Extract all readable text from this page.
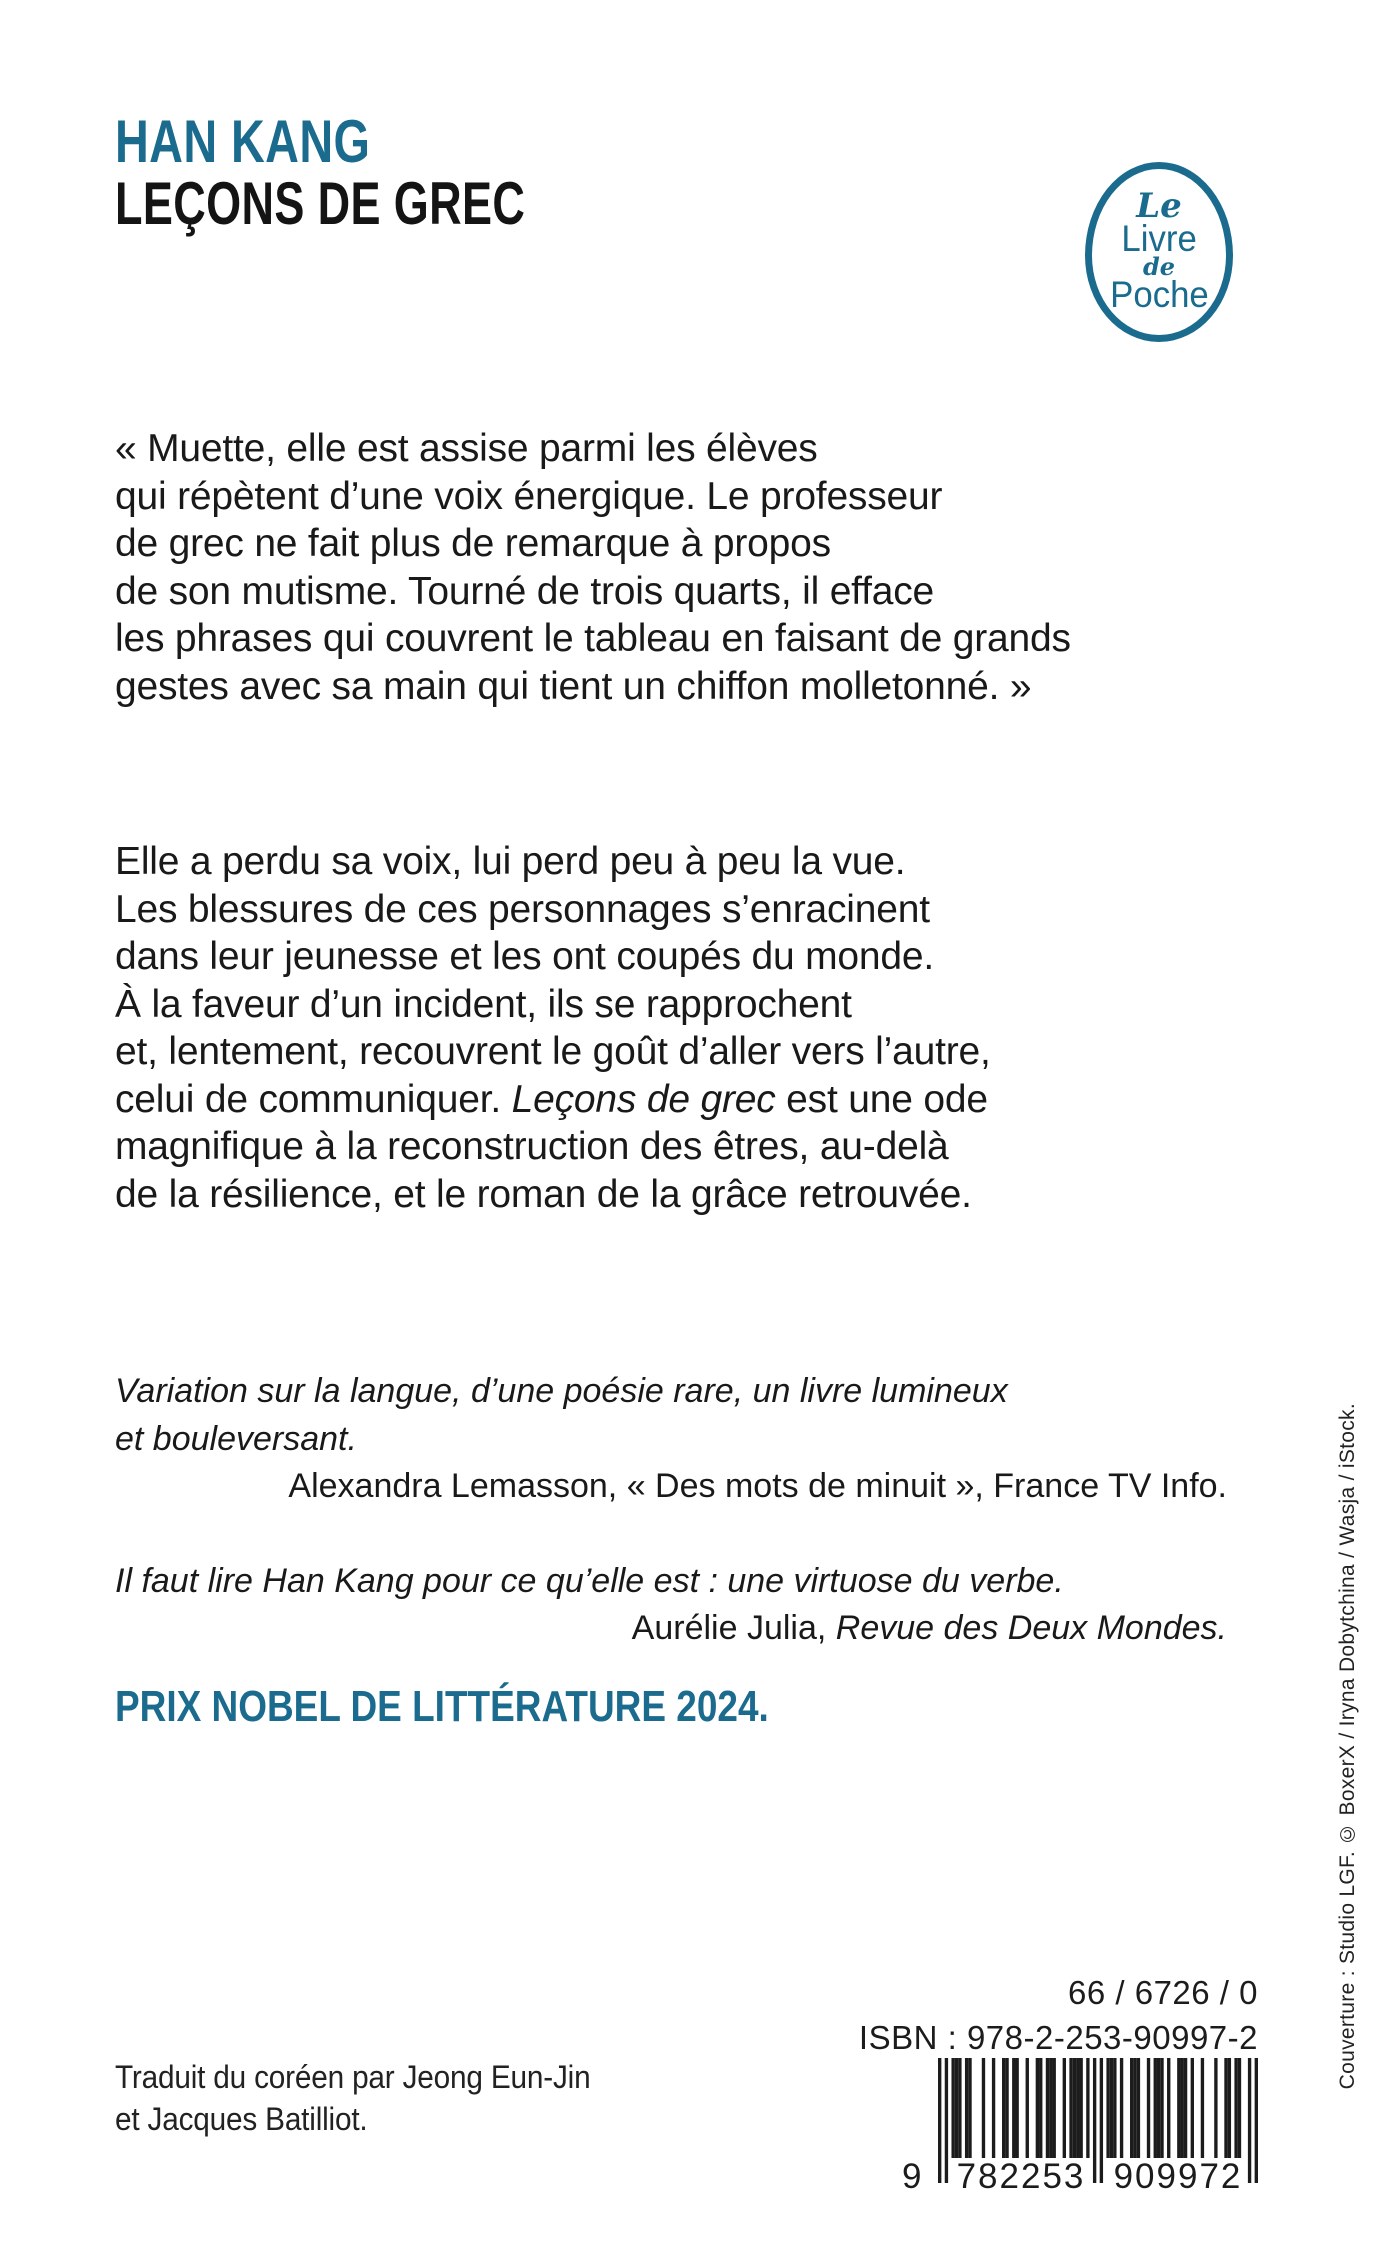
HAN KANG
LEÇONS DE GREC	Le
Livre
de
Poche
« Muette, elle est assise parmi les élèves
qui répètent d’une voix énergique. Le professeur
de grec ne fait plus de remarque à propos
de son mutisme. Tourné de trois quarts, il efface
les phrases qui couvrent le tableau en faisant de grands
gestes avec sa main qui tient un chiffon molletonné. »
Elle a perdu sa voix, lui perd peu à peu la vue.
Les blessures de ces personnages s’enracinent
dans leur jeunesse et les ont coupés du monde.
À la faveur d’un incident, ils se rapprochent
et, lentement, recouvrent le goût d’aller vers l’autre,
celui de communiquer. Leçons de grec est une ode
magnifique à la reconstruction des êtres, au-delà
de la résilience, et le roman de la grâce retrouvée.
Variation sur la langue, d’une poésie rare, un livre lumineux
et bouleversant.
Alexandra Lemasson, « Des mots de minuit », France TV Info.
Il faut lire Han Kang pour ce qu’elle est : une virtuose du verbe.
Aurélie Julia, Revue des Deux Mondes.
PRIX NOBEL DE LITTÉRATURE 2024.
66 / 6726 / 0
ISBN : 978-2-253-90997-2
9 782253 909972
Traduit du coréen par Jeong Eun-Jin
et Jacques Batilliot.
Couverture : Studio LGF. © BoxerX / Iryna Dobytchina / Wasja / iStock.
